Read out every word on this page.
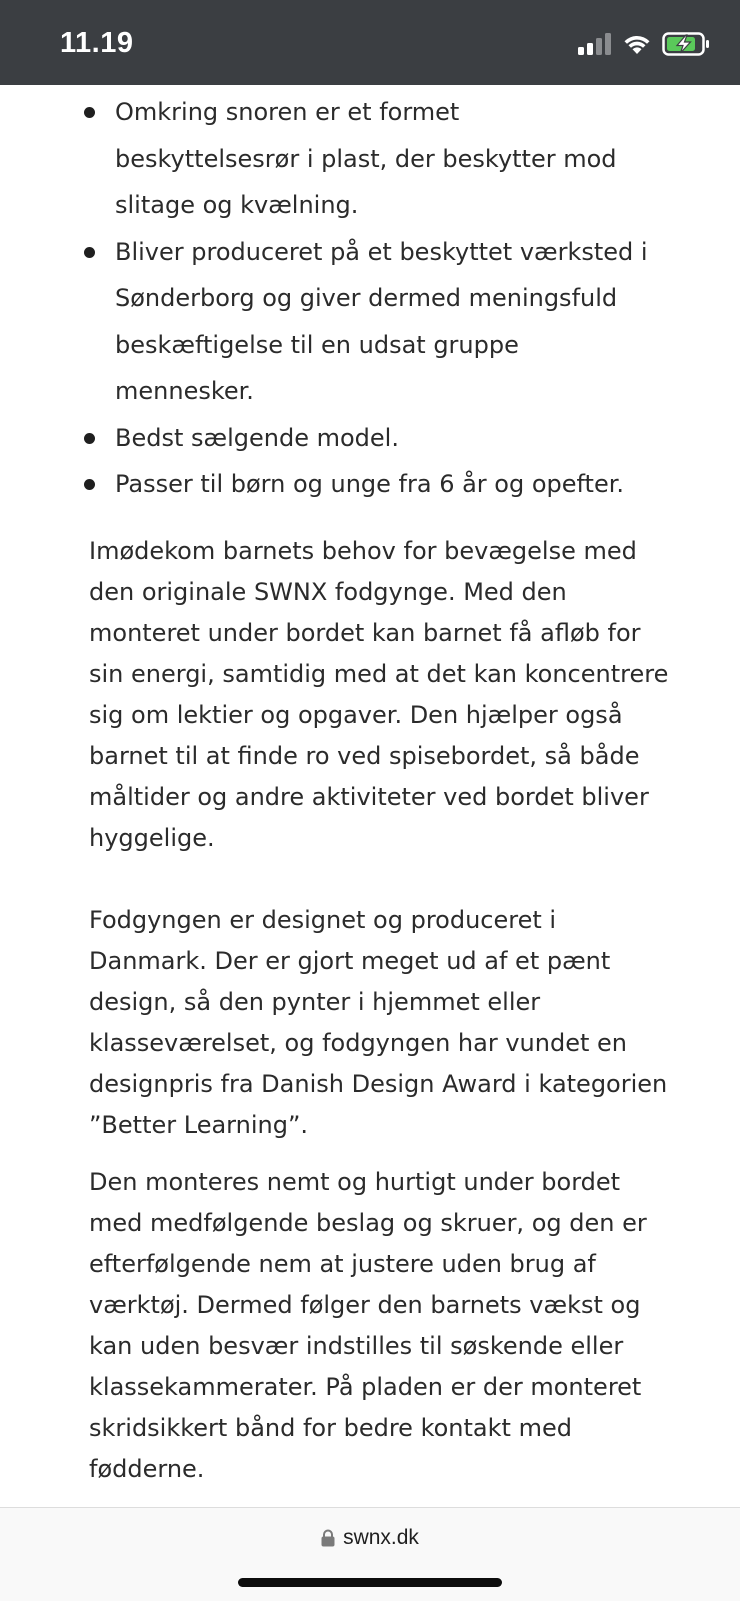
11.19
Omkring snoren er et formet beskyttelsesrør i plast, der beskytter mod slitage og kvælning.
Bliver produceret på et beskyttet værksted i Sønderborg og giver dermed meningsfuld beskæftigelse til en udsat gruppe mennesker.
Bedst sælgende model.
Passer til børn og unge fra 6 år og opefter.

Imødekom barnets behov for bevægelse med den originale SWNX fodgynge. Med den monteret under bordet kan barnet få afløb for sin energi, samtidig med at det kan koncentrere sig om lektier og opgaver. Den hjælper også barnet til at finde ro ved spisebordet, så både måltider og andre aktiviteter ved bordet bliver hyggelige.

Fodgyngen er designet og produceret i Danmark. Der er gjort meget ud af et pænt design, så den pynter i hjemmet eller klasseværelset, og fodgyngen har vundet en designpris fra Danish Design Award i kategorien ”Better Learning”.

Den monteres nemt og hurtigt under bordet med medfølgende beslag og skruer, og den er efterfølgende nem at justere uden brug af værktøj. Dermed følger den barnets vækst og kan uden besvær indstilles til søskende eller klassekammerater. På pladen er der monteret skridsikkert bånd for bedre kontakt med fødderne.

swnx.dk
